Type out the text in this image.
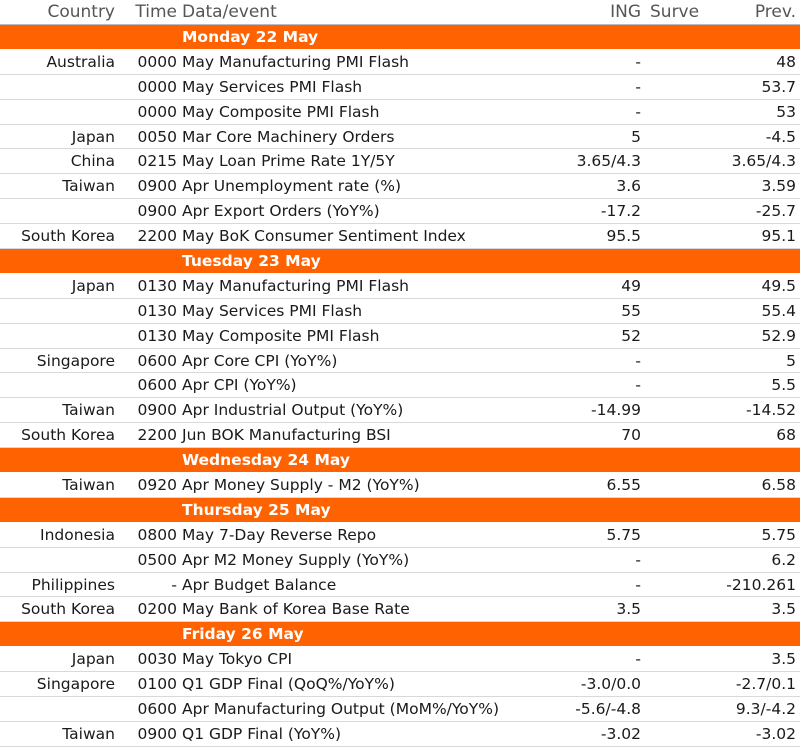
Country	Time Data/event	ING Surve	Prev.
Monday 22 May
Australia	0000 May Manufacturing PMI Flash	-	48
0000 May Services PMI Flash	-	53.7
0000 May Composite PMI Flash	-	53
Japan	0050 Mar Core Machinery Orders	5	-4.5
China	0215 May Loan Prime Rate 1Y/5Y	3.65/4.3	3.65/4.3
Taiwan	0900 Apr Unemployment rate (%)	3.6	3.59
0900 Apr Export Orders (YoY%)	-17.2	-25.7
South Korea	2200 May BoK Consumer Sentiment Index	95.5	95.1
Tuesday 23 May
Japan	0130 May Manufacturing PMI Flash	49	49.5
0130 May Services PMI Flash	55	55.4
0130 May Composite PMI Flash	52	52.9
Singapore	0600 Apr Core CPI (YoY%)	-	5
0600 Apr CPI (YoY%)	-	5.5
Taiwan	0900 Apr Industrial Output (YoY%)	-14.99	-14.52
South Korea	2200 Jun BOK Manufacturing BSI	70	68
Wednesday 24 May
Taiwan	0920 Apr Money Supply - M2 (YoY%)	6.55	6.58
Thursday 25 May
Indonesia	0800 May 7-Day Reverse Repo	5.75	5.75
0500 Apr M2 Money Supply (YoY%)	-	6.2
Philippines	- Apr Budget Balance	-	-210.261
South Korea	0200 May Bank of Korea Base Rate	3.5	3.5
Friday 26 May
Japan	0030 May Tokyo CPI	-	3.5
Singapore	0100 Q1 GDP Final (QoQ%/YoY%)	-3.0/0.0	-2.7/0.1
0600 Apr Manufacturing Output (MoM%/YoY%)	-5.6/-4.8	9.3/-4.2
Taiwan	0900 Q1 GDP Final (YoY%)	-3.02	-3.02
